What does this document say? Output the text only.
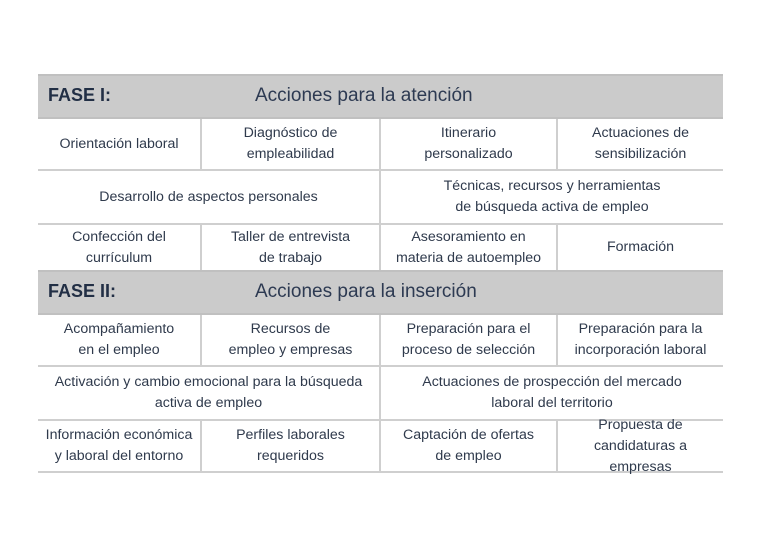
FASE I:	Acciones para la atención
Orientación laboral
Diagnóstico de
empleabilidad
Itinerario
personalizado
Actuaciones de
sensibilización
Desarrollo de aspectos personales
Técnicas, recursos y herramientas
de búsqueda activa de empleo
Confección del
currículum
Taller de entrevista
de trabajo
Asesoramiento en
materia de autoempleo
Formación
FASE II:	Acciones para la inserción
Acompañamiento
en el empleo
Recursos de
empleo y empresas
Preparación para el
proceso de selección
Preparación para la
incorporación laboral
Activación y cambio emocional para la búsqueda
activa de empleo
Actuaciones de prospección del mercado
laboral del territorio
Información económica
y laboral del entorno
Perfiles laborales
requeridos
Captación de ofertas
de empleo
Propuesta de
candidaturas a empresas
